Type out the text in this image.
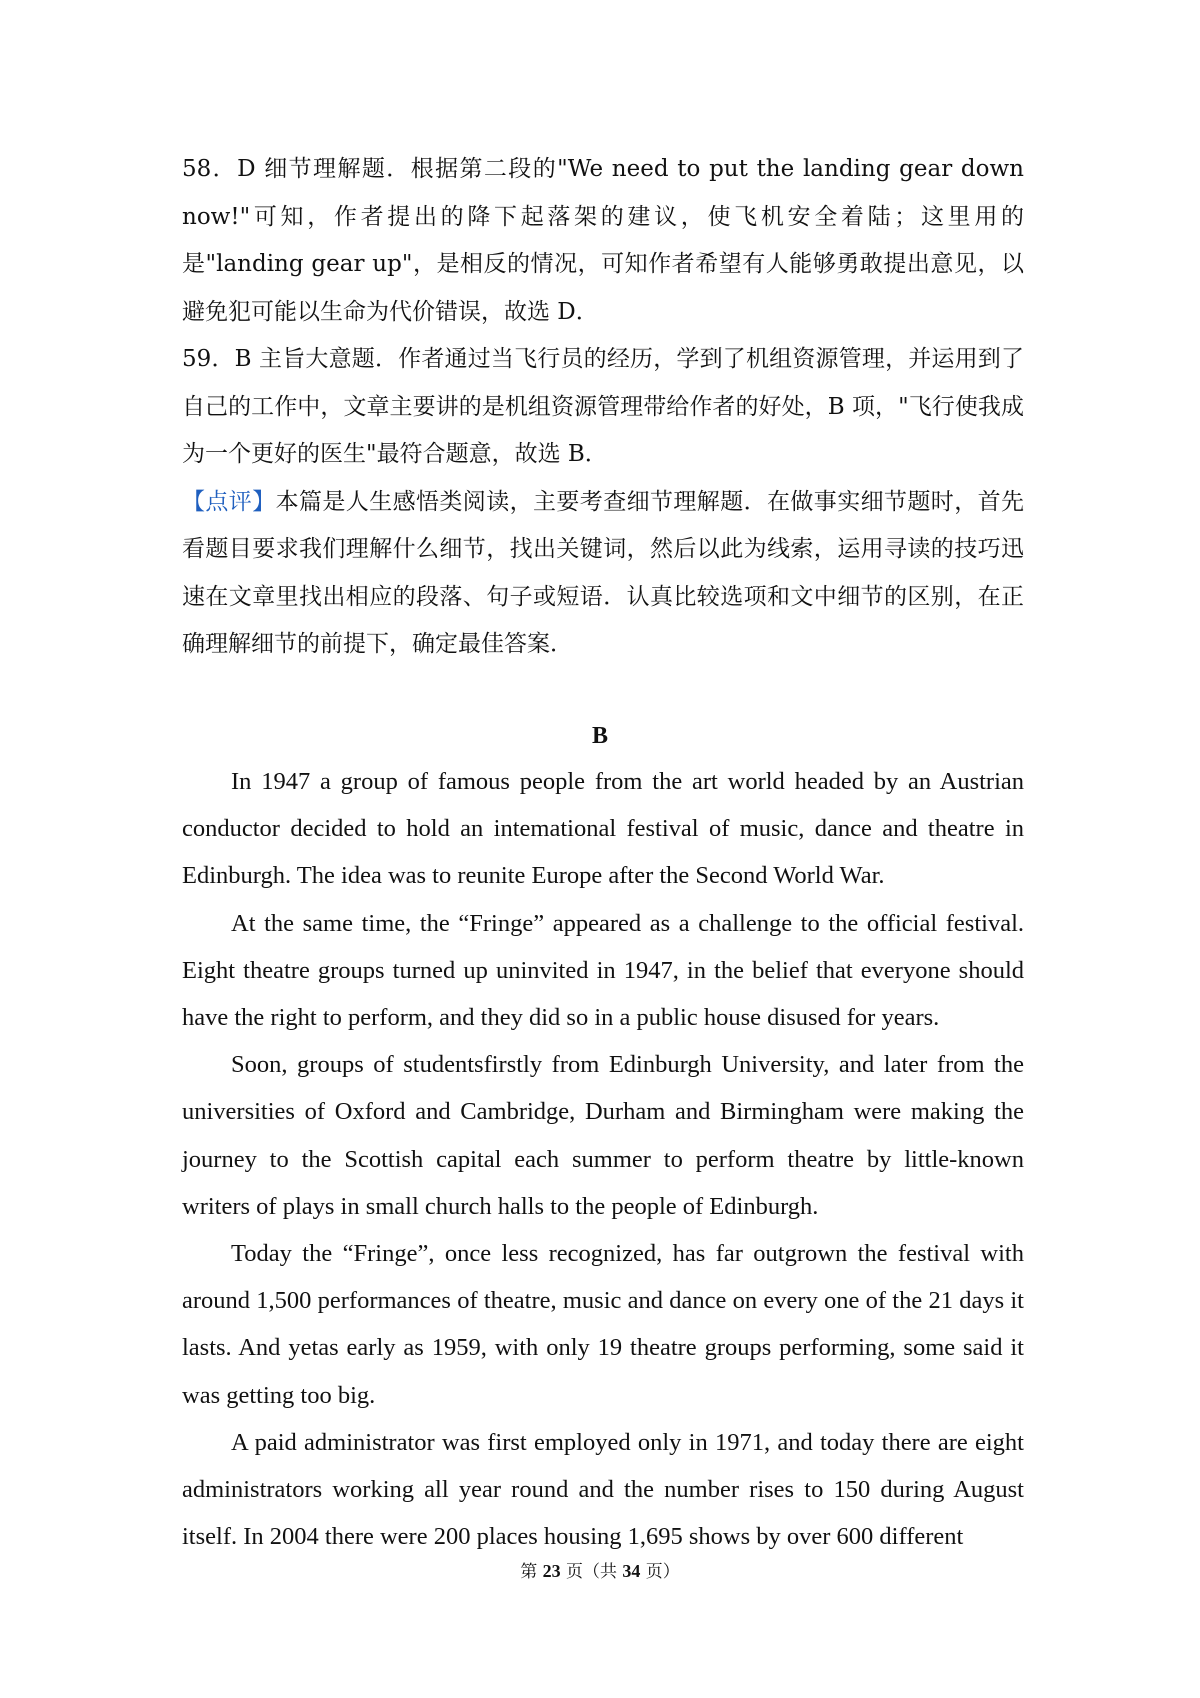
58．D 细节理解题．根据第二段的"We need to put the landing gear down now!"可知，作者提出的降下起落架的建议，使飞机安全着陆；这里用的是"landing gear up"，是相反的情况，可知作者希望有人能够勇敢提出意见，以避免犯可能以生命为代价错误，故选 D．

59．B 主旨大意题．作者通过当飞行员的经历，学到了机组资源管理，并运用到了自己的工作中，文章主要讲的是机组资源管理带给作者的好处，B 项，"飞行使我成为一个更好的医生"最符合题意，故选 B．

【点评】本篇是人生感悟类阅读，主要考查细节理解题．在做事实细节题时，首先看题目要求我们理解什么细节，找出关键词，然后以此为线索，运用寻读的技巧迅速在文章里找出相应的段落、句子或短语．认真比较选项和文中细节的区别，在正确理解细节的前提下，确定最佳答案．

B

In 1947 a group of famous people from the art world headed by an Austrian conductor decided to hold an intemational festival of music, dance and theatre in Edinburgh. The idea was to reunite Europe after the Second World War.

At the same time, the “Fringe” appeared as a challenge to the official festival. Eight theatre groups turned up uninvited in 1947, in the belief that everyone should have the right to perform, and they did so in a public house disused for years.

Soon, groups of studentsfirstly from Edinburgh University, and later from the universities of Oxford and Cambridge, Durham and Birmingham were making the journey to the Scottish capital each summer to perform theatre by little-known writers of plays in small church halls to the people of Edinburgh.

Today the “Fringe”, once less recognized, has far outgrown the festival with around 1,500 performances of theatre, music and dance on every one of the 21 days it lasts. And yetas early as 1959, with only 19 theatre groups performing, some said it was getting too big.

A paid administrator was first employed only in 1971, and today there are eight administrators working all year round and the number rises to 150 during August itself. In 2004 there were 200 places housing 1,695 shows by over 600 different

第 23 页（共 34 页）
